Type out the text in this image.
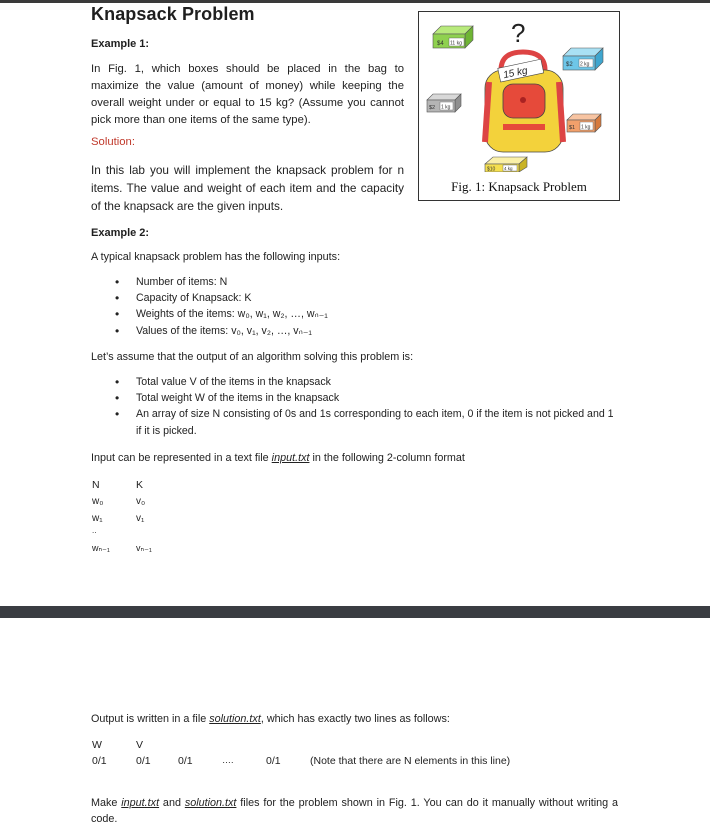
Knapsack Problem
Example 1:
In Fig. 1, which boxes should be placed in the bag to maximize the value (amount of money) while keeping the overall weight under or equal to 15 kg? (Assume you cannot pick more than one items of the same type).
Solution:
In this lab you will implement the knapsack problem for n items. The value and weight of each item and the capacity of the knapsack are the given inputs.
$4 11 kg ?
$2 2 kg
$2 1 kg
15 kg
$1 1 kg
$10 4 kg
Fig. 1: Knapsack Problem
Example 2:
A typical knapsack problem has the following inputs:
• Number of items: N
• Capacity of Knapsack: K
• Weights of the items: w₀, w₁, w₂, …, wₙ₋₁
• Values of the items: v₀, v₁, v₂, …, vₙ₋₁
Let’s assume that the output of an algorithm solving this problem is:
• Total value V of the items in the knapsack
• Total weight W of the items in the knapsack
• An array of size N consisting of 0s and 1s corresponding to each item, 0 if the item is not picked and 1 if it is picked.
Input can be represented in a text file input.txt in the following 2-column format
N	K
w₀	v₀
w₁	v₁
..
wₙ₋₁	vₙ₋₁
Output is written in a file solution.txt, which has exactly two lines as follows:
W	V
0/1	0/1	0/1	….	0/1	(Note that there are N elements in this line)
Make input.txt and solution.txt files for the problem shown in Fig. 1. You can do it manually without writing a code.
